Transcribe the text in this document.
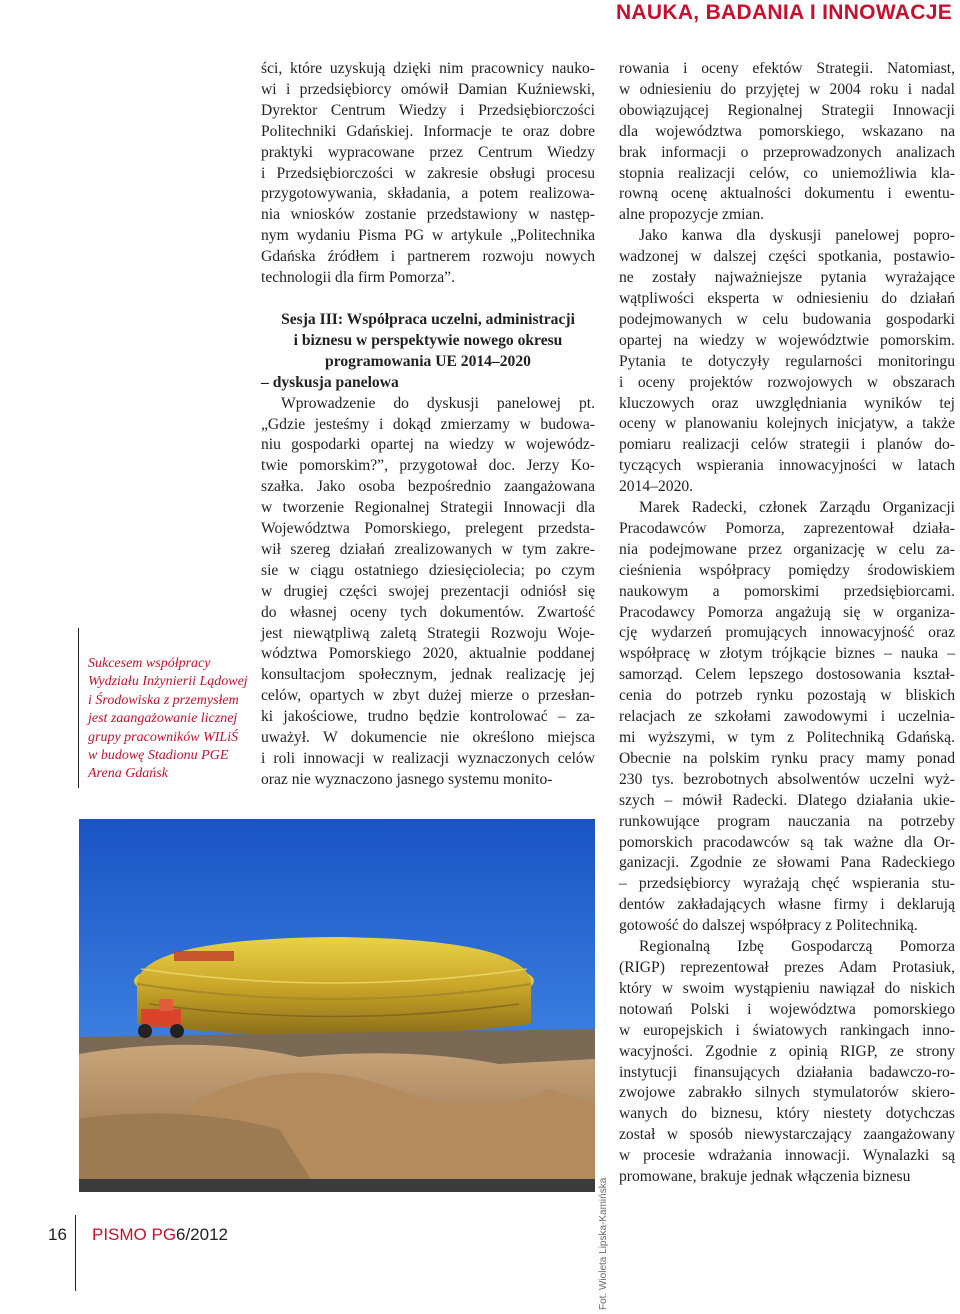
NAUKA, BADANIA I INNOWACJE
Sukcesem współpracy Wydziału Inżynierii Lądowej i Środowiska z przemysłem jest zaangażowanie licznej grupy pracowników WILiŚ w budowę Stadionu PGE Arena Gdańsk

ści, które uzyskują dzięki nim pracownicy nauko-
wi i przedsiębiorcy omówił Damian Kuźniewski,
Dyrektor Centrum Wiedzy i Przedsiębiorczości
Politechniki Gdańskiej. Informacje te oraz dobre
praktyki wypracowane przez Centrum Wiedzy
i Przedsiębiorczości w zakresie obsługi procesu
przygotowywania, składania, a potem realizowa-
nia wniosków zostanie przedstawiony w następ-
nym wydaniu Pisma PG w artykule „Politechnika
Gdańska źródłem i partnerem rozwoju nowych
technologii dla firm Pomorza”.

Sesja III: Współpraca uczelni, administracji
i biznesu w perspektywie nowego okresu
programowania UE 2014–2020
– dyskusja panelowa

Wprowadzenie do dyskusji panelowej pt.
„Gdzie jesteśmy i dokąd zmierzamy w budowa-
niu gospodarki opartej na wiedzy w wojewódz-
twie pomorskim?”, przygotował doc. Jerzy Ko-
szałka. Jako osoba bezpośrednio zaangażowana
w tworzenie Regionalnej Strategii Innowacji dla
Województwa Pomorskiego, prelegent przedsta-
wił szereg działań zrealizowanych w tym zakre-
sie w ciągu ostatniego dziesięciolecia; po czym
w drugiej części swojej prezentacji odniósł się
do własnej oceny tych dokumentów. Zwartość
jest niewątpliwą zaletą Strategii Rozwoju Woje-
wództwa Pomorskiego 2020, aktualnie poddanej
konsultacjom społecznym, jednak realizację jej
celów, opartych w zbyt dużej mierze o przesłan-
ki jakościowe, trudno będzie kontrolować – za-
uważył. W dokumencie nie określono miejsca
i roli innowacji w realizacji wyznaczonych celów
oraz nie wyznaczono jasnego systemu monito-

Fot. Wioleta Lipska-Kamińska

rowania i oceny efektów Strategii. Natomiast,
w odniesieniu do przyjętej w 2004 roku i nadal
obowiązującej Regionalnej Strategii Innowacji
dla województwa pomorskiego, wskazano na
brak informacji o przeprowadzonych analizach
stopnia realizacji celów, co uniemożliwia kla-
rowną ocenę aktualności dokumentu i ewentu-
alne propozycje zmian.

Jako kanwa dla dyskusji panelowej popro-
wadzonej w dalszej części spotkania, postawio-
ne zostały najważniejsze pytania wyrażające
wątpliwości eksperta w odniesieniu do działań
podejmowanych w celu budowania gospodarki
opartej na wiedzy w województwie pomorskim.
Pytania te dotyczyły regularności monitoringu
i oceny projektów rozwojowych w obszarach
kluczowych oraz uwzględniania wyników tej
oceny w planowaniu kolejnych inicjatyw, a także
pomiaru realizacji celów strategii i planów do-
tyczących wspierania innowacyjności w latach
2014–2020.

Marek Radecki, członek Zarządu Organizacji
Pracodawców Pomorza, zaprezentował działa-
nia podejmowane przez organizację w celu za-
cieśnienia współpracy pomiędzy środowiskiem
naukowym a pomorskimi przedsiębiorcami.
Pracodawcy Pomorza angażują się w organiza-
cję wydarzeń promujących innowacyjność oraz
współpracę w złotym trójkącie biznes – nauka –
samorząd. Celem lepszego dostosowania kształ-
cenia do potrzeb rynku pozostają w bliskich
relacjach ze szkołami zawodowymi i uczelnia-
mi wyższymi, w tym z Politechniką Gdańską.
Obecnie na polskim rynku pracy mamy ponad
230 tys. bezrobotnych absolwentów uczelni wyż-
szych – mówił Radecki. Dlatego działania ukie-
runkowujące program nauczania na potrzeby
pomorskich pracodawców są tak ważne dla Or-
ganizacji. Zgodnie ze słowami Pana Radeckiego
– przedsiębiorcy wyrażają chęć wspierania stu-
dentów zakładających własne firmy i deklarują
gotowość do dalszej współpracy z Politechniką.

Regionalną Izbę Gospodarczą Pomorza
(RIGP) reprezentował prezes Adam Protasiuk,
który w swoim wystąpieniu nawiązał do niskich
notowań Polski i województwa pomorskiego
w europejskich i światowych rankingach inno-
wacyjności. Zgodnie z opinią RIGP, ze strony
instytucji finansujących działania badawczo-ro-
zwojowe zabrakło silnych stymulatorów skiero-
wanych do biznesu, który niestety dotychczas
został w sposób niewystarczający zaangażowany
w procesie wdrażania innowacji. Wynalazki są
promowane, brakuje jednak włączenia biznesu

16 PISMO PG 6/2012
